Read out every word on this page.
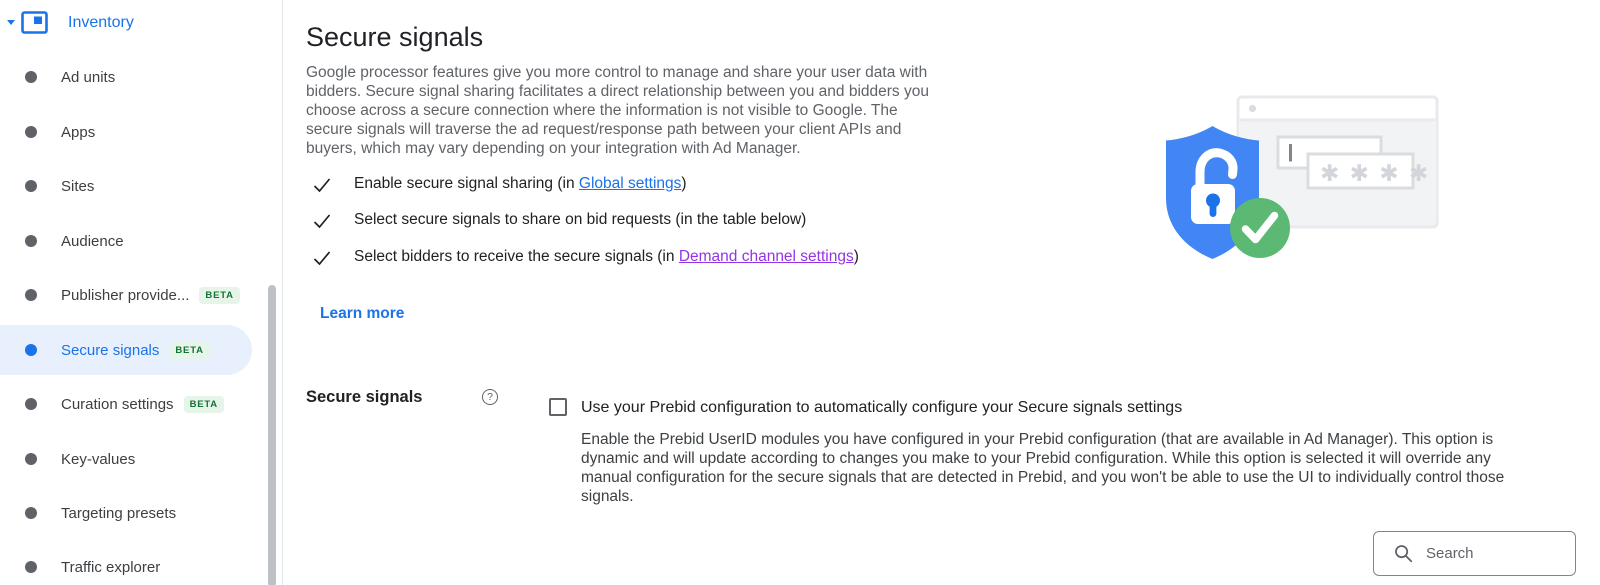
Inventory
Ad units
Apps
Sites
Audience
Publisher provide...	BETA
Secure signals	BETA
Curation settings	BETA
Key-values
Targeting presets
Traffic explorer
Secure signals

Google processor features give you more control to manage and share your user data with bidders. Secure signal sharing facilitates a direct relationship between you and bidders you choose across a secure connection where the information is not visible to Google. The secure signals will traverse the ad request/response path between your client APIs and buyers, which may vary depending on your integration with Ad Manager.

Enable secure signal sharing (in Global settings)
Select secure signals to share on bid requests (in the table below)
Select bidders to receive the secure signals (in Demand channel settings)
Learn more
Secure signals	?
Use your Prebid configuration to automatically configure your Secure signals settings

Enable the Prebid UserID modules you have configured in your Prebid configuration (that are available in Ad Manager). This option is dynamic and will update according to changes you make to your Prebid configuration. While this option is selected it will override any manual configuration for the secure signals that are detected in Prebid, and you won't be able to use the UI to individually control those signals.

Search
✱ ✱ ✱ ✱
